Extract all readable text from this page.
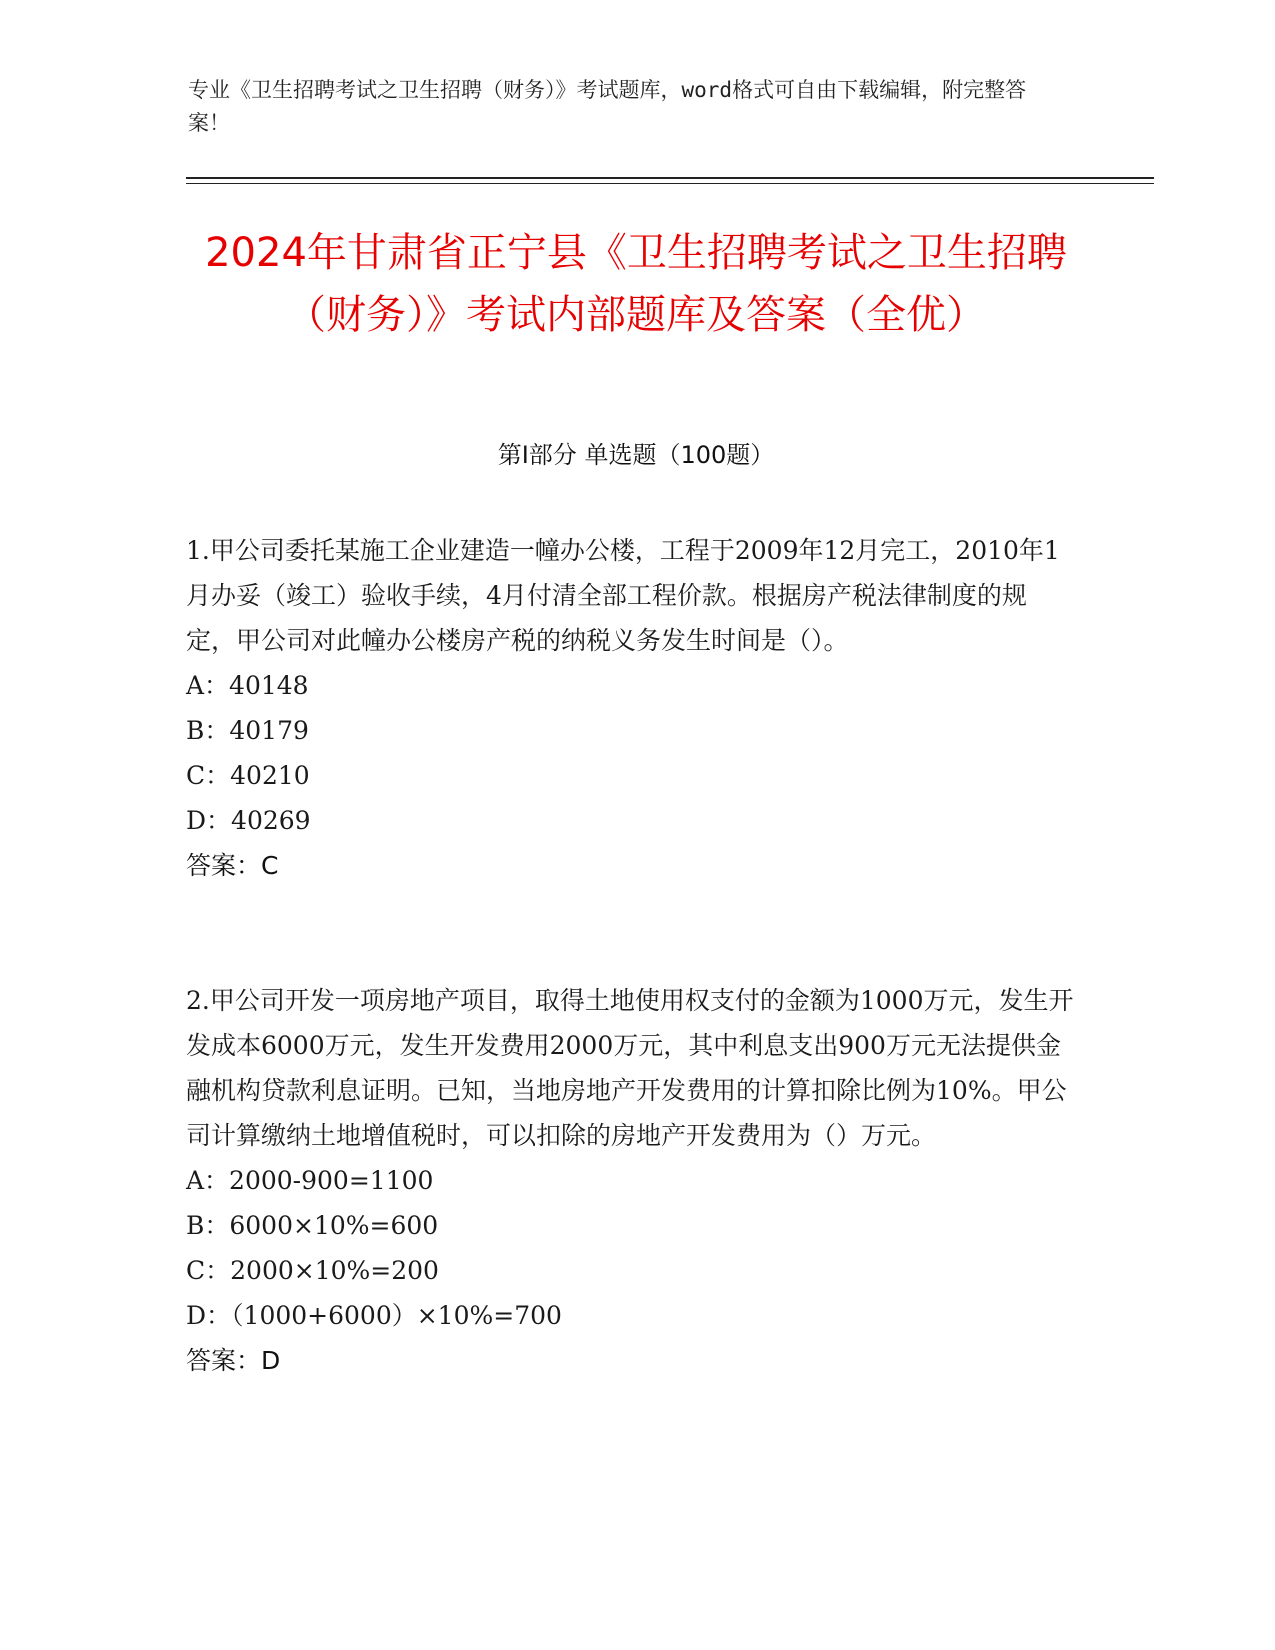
专业《卫生招聘考试之卫生招聘（财务）》考试题库，word格式可自由下载编辑，附完整答案！
2024年甘肃省正宁县《卫生招聘考试之卫生招聘（财务）》考试内部题库及答案（全优）
第Ⅰ部分 单选题（100题）

1.甲公司委托某施工企业建造一幢办公楼，工程于2009年12月完工，2010年1月办妥（竣工）验收手续，4月付清全部工程价款。根据房产税法律制度的规定，甲公司对此幢办公楼房产税的纳税义务发生时间是（）。

A：40148

B：40179

C：40210

D：40269

答案：C

2.甲公司开发一项房地产项目，取得土地使用权支付的金额为1000万元，发生开发成本6000万元，发生开发费用2000万元，其中利息支出900万元无法提供金融机构贷款利息证明。已知，当地房地产开发费用的计算扣除比例为10%。甲公司计算缴纳土地增值税时，可以扣除的房地产开发费用为（）万元。

A：2000-900=1100

B：6000×10%=600

C：2000×10%=200

D：（1000+6000）×10%=700

答案：D
